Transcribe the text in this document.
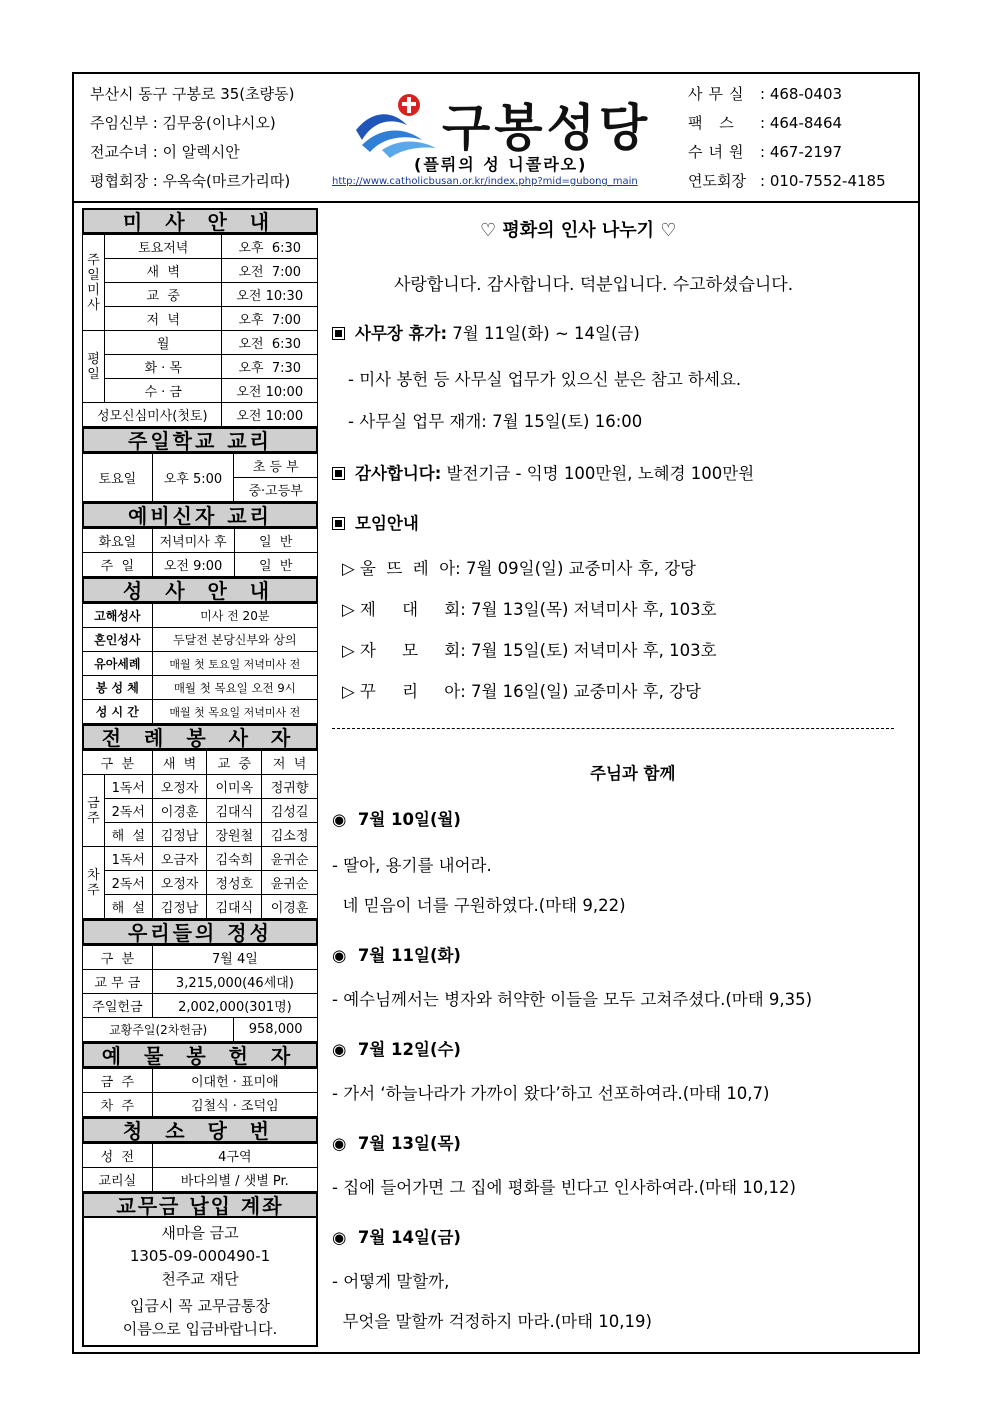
부산시 동구 구봉로 35(초량동)
주임신부 : 김무웅(이냐시오)
전교수녀 : 이 알렉시안
평협회장 : 우옥숙(마르가리따)
구봉성당
(플뤼의 성 니콜라오)
http://www.catholicbusan.or.kr/index.php?mid=gubong_main
사무실 : 468-0403
팩 스	: 464-8464
수녀원 : 467-2197
연도회장 : 010-7552-4185
미 사 안 내
주일미사	토요저녁	오후  6:30
	새  벽	오전  7:00
	교  중	오전 10:30
	저  녁	오후  7:00
평일	월	오전  6:30
	화 · 목	오후  7:30
	수 · 금	오전 10:00
성모신심미사(첫토)		오전 10:00
주일학교 교리
토요일	오후 5:00	초 등 부
중·고등부
예비신자 교리
화요일	저녁미사 후	일  반
주  일	오전 9:00	일  반
성 사 안 내
고해성사	미사 전 20분
혼인성사	두달전 본당신부와 상의
유아세례	매월 첫 토요일 저녁미사 전
봉 성 체	매월 첫 목요일 오전 9시
성 시 간	매월 첫 목요일 저녁미사 전
전 례 봉 사 자
구  분		새  벽	교  중	저  녁
금주	1독서	오정자	이미옥	정귀향
	2독서	이경훈	김대식	김성길
	해  설	김정남	장원철	김소정
차주	1독서	오금자	김숙희	윤귀순
	2독서	오정자	정성호	윤귀순
	해  설	김정남	김대식	이경훈
우리들의 정성
구  분	7월 4일	
교 무 금	3,215,000(46세대)	
주일헌금	2,002,000(301명)	
교황주일(2차헌금)		958,000
예 물 봉 헌 자
금  주	이대헌 · 표미애
차  주	김철식 · 조덕임
청 소 당 번
성  전	4구역
교리실	바다의별 / 샛별 Pr.
교무금 납입 계좌
새마을 금고
1305-09-000490-1
천주교 재단
입금시 꼭 교무금통장
이름으로 입금바랍니다.

♡ 평화의 인사 나누기 ♡

사랑합니다. 감사합니다. 덕분입니다. 수고하셨습니다.

사무장 휴가: 7월 11일(화) ~ 14일(금)

- 미사 봉헌 등 사무실 업무가 있으신 분은 참고 하세요.

- 사무실 업무 재개: 7월 15일(토) 16:00

감사합니다: 발전기금 - 익명 100만원, 노혜경 100만원

모임안내

▷ 울  뜨  레  아: 7월 09일(일) 교중미사 후, 강당

▷ 제     대     회: 7월 13일(목) 저녁미사 후, 103호

▷ 자     모     회: 7월 15일(토) 저녁미사 후, 103호

▷ 꾸     리     아: 7월 16일(일) 교중미사 후, 강당

주님과 함께

◉  7월 10일(월)

- 딸아, 용기를 내어라.

네 믿음이 너를 구원하였다.(마태 9,22)

◉  7월 11일(화)

- 예수님께서는 병자와 허약한 이들을 모두 고쳐주셨다.(마태 9,35)

◉  7월 12일(수)

- 가서 ‘하늘나라가 가까이 왔다’하고 선포하여라.(마태 10,7)

◉  7월 13일(목)

- 집에 들어가면 그 집에 평화를 빈다고 인사하여라.(마태 10,12)

◉  7월 14일(금)

- 어떻게 말할까,

무엇을 말할까 걱정하지 마라.(마태 10,19)
